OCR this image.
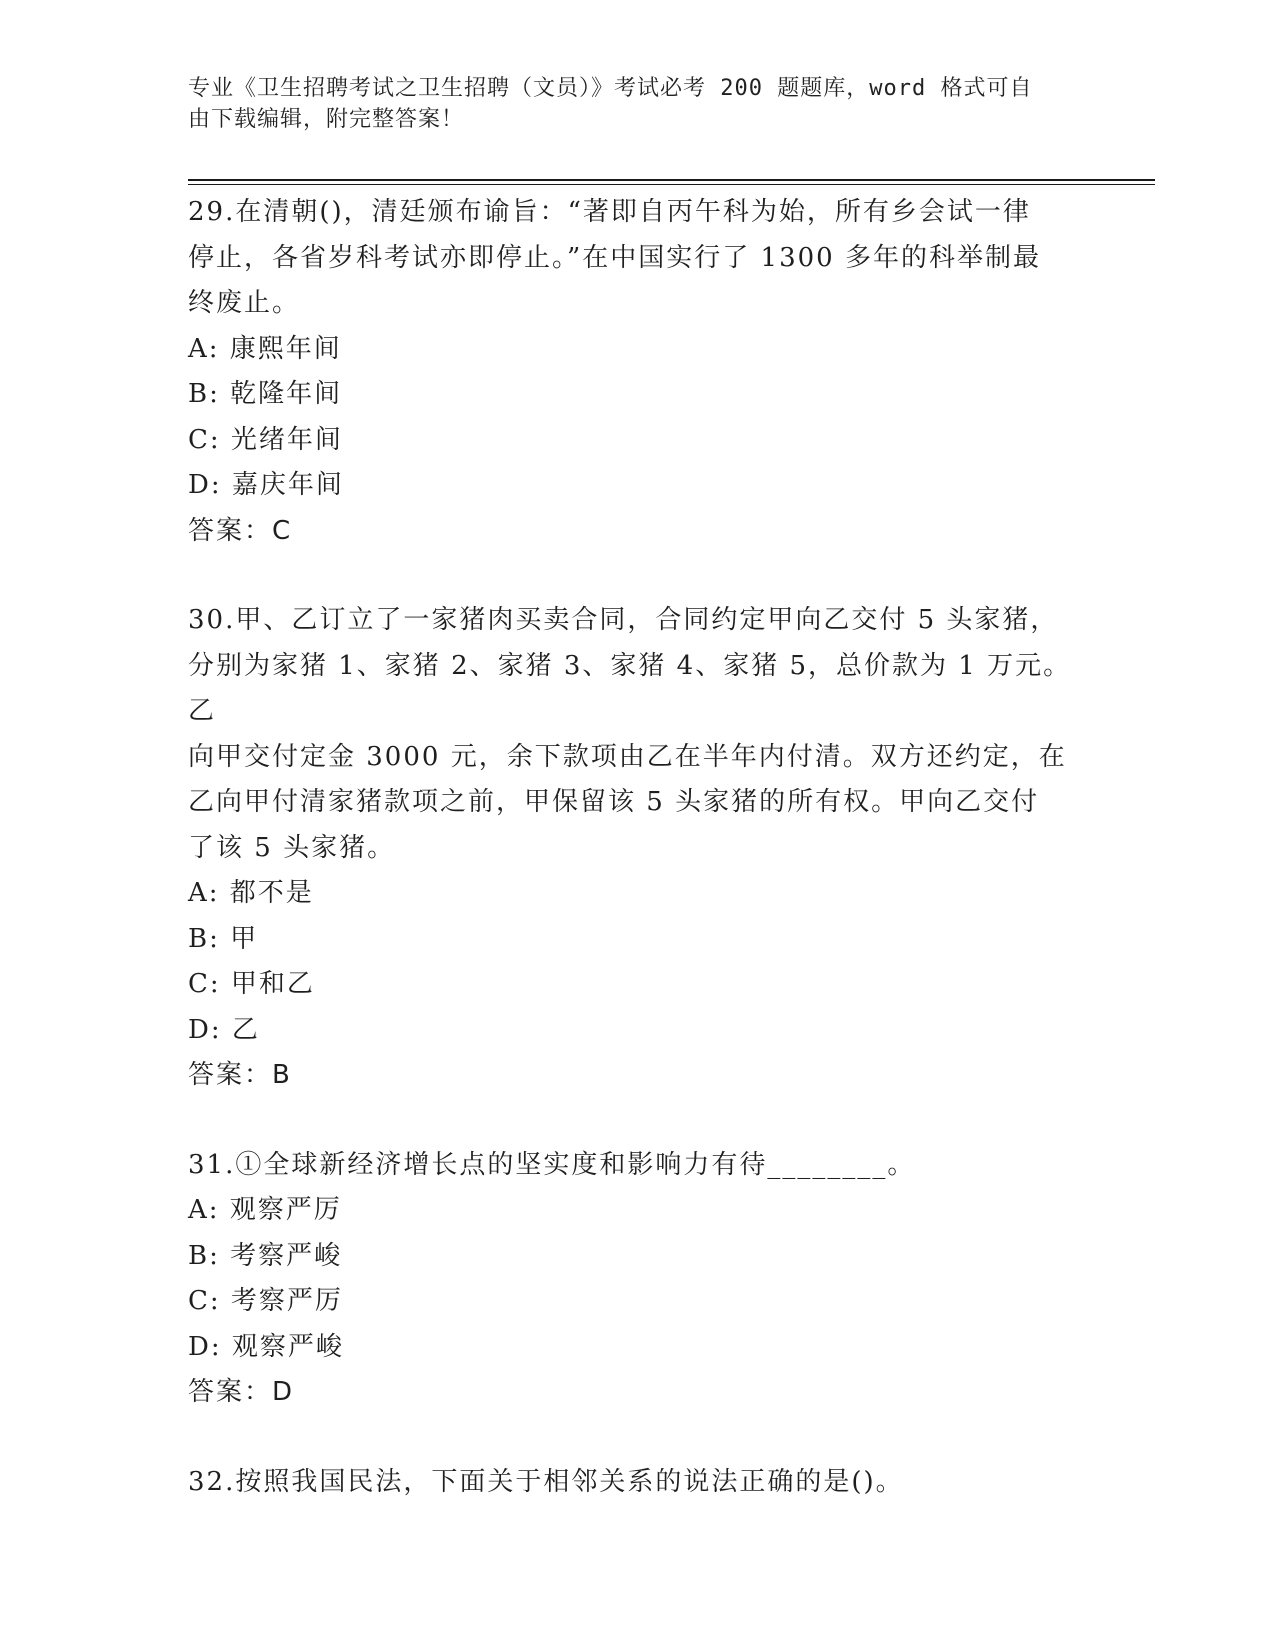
专业《卫生招聘考试之卫生招聘（文员）》考试必考 200 题题库，word 格式可自
由下载编辑，附完整答案！
29.在清朝()，清廷颁布谕旨：“著即自丙午科为始，所有乡会试一律
停止，各省岁科考试亦即停止。”在中国实行了 1300 多年的科举制最
终废止。
A: 康熙年间
B: 乾隆年间
C: 光绪年间
D: 嘉庆年间
答案：C
30.甲、乙订立了一家猪肉买卖合同，合同约定甲向乙交付 5 头家猪，
分别为家猪 1、家猪 2、家猪 3、家猪 4、家猪 5，总价款为 1 万元。乙
向甲交付定金 3000 元，余下款项由乙在半年内付清。双方还约定，在
乙向甲付清家猪款项之前，甲保留该 5 头家猪的所有权。甲向乙交付
了该 5 头家猪。
A: 都不是
B: 甲
C: 甲和乙
D: 乙
答案：B
31.①全球新经济增长点的坚实度和影响力有待________。
A: 观察严厉
B: 考察严峻
C: 考察严厉
D: 观察严峻
答案：D
32.按照我国民法，下面关于相邻关系的说法正确的是()。
